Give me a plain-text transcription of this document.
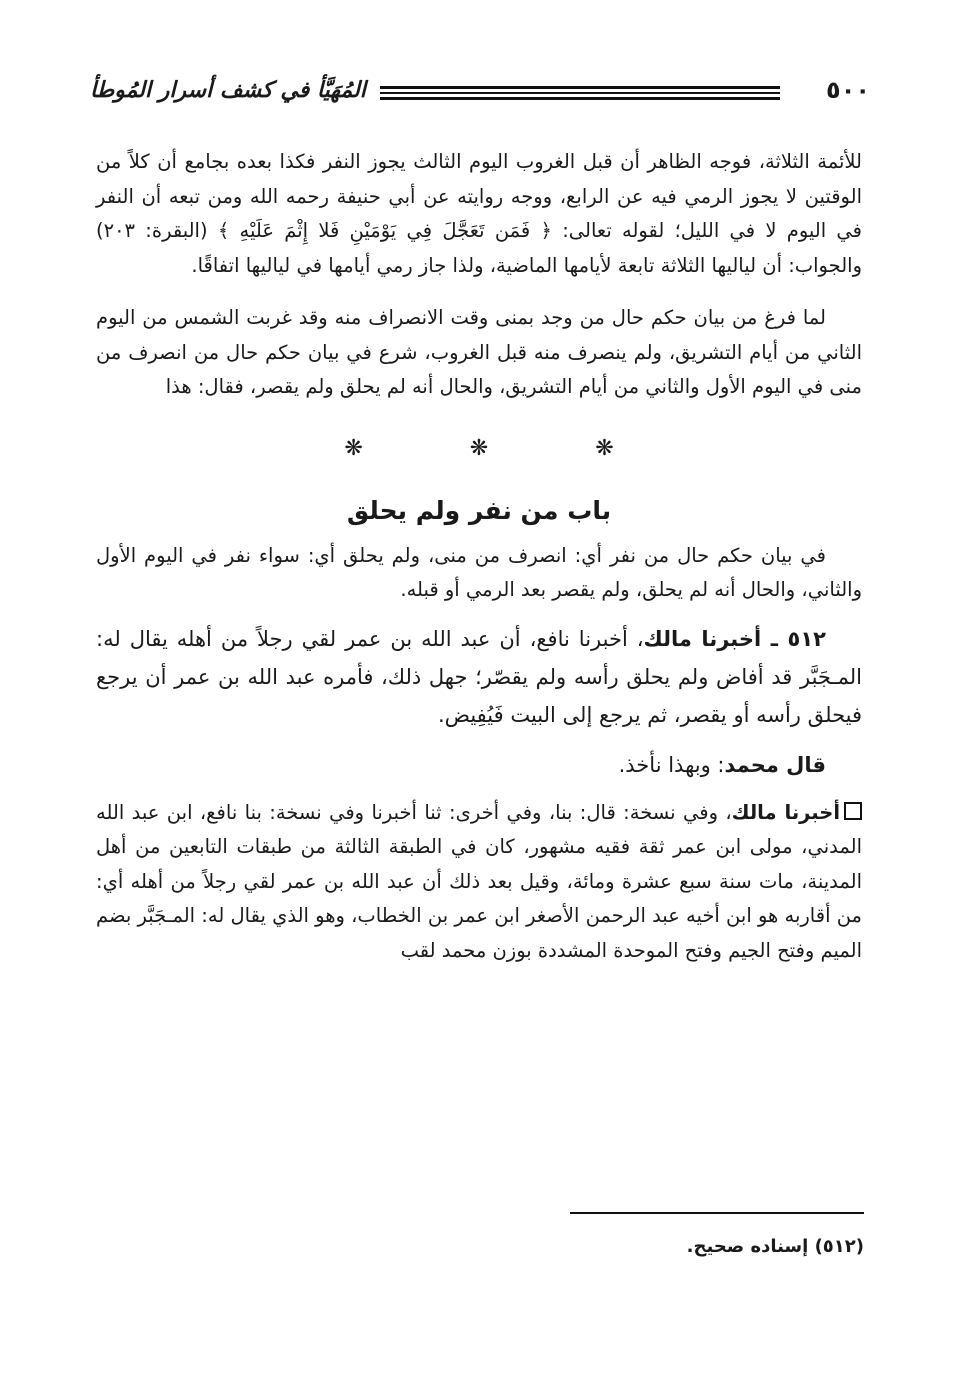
٥٠٠
المُهَيَّأ في كشف أسرار المُوطأ

للأئمة الثلاثة، فوجه الظاهر أن قبل الغروب اليوم الثالث يجوز النفر فكذا بعده بجامع أن كلاً من الوقتين لا يجوز الرمي فيه عن الرابع، ووجه روايته عن أبي حنيفة رحمه الله ومن تبعه أن النفر في اليوم لا في الليل؛ لقوله تعالى: ﴿ فَمَن تَعَجَّلَ فِي يَوْمَيْنِ فَلا إِثْمَ عَلَيْهِ ﴾ (البقرة: ٢٠٣) والجواب: أن لياليها الثلاثة تابعة لأيامها الماضية، ولذا جاز رمي أيامها في لياليها اتفاقًا.

لما فرغ من بيان حكم حال من وجد بمنى وقت الانصراف منه وقد غربت الشمس من اليوم الثاني من أيام التشريق، ولم ينصرف منه قبل الغروب، شرع في بيان حكم حال من انصرف من منى في اليوم الأول والثاني من أيام التشريق، والحال أنه لم يحلق ولم يقصر، فقال: هذا

❋ ❋ ❋
باب من نفر ولم يحلق

في بيان حكم حال من نفر أي: انصرف من منى، ولم يحلق أي: سواء نفر في اليوم الأول والثاني، والحال أنه لم يحلق، ولم يقصر بعد الرمي أو قبله.

٥١٢ ـ أخبرنا مالك، أخبرنا نافع، أن عبد الله بن عمر لقي رجلاً من أهله يقال له: المـجَبَّر قد أفاض ولم يحلق رأسه ولم يقصّر؛ جهل ذلك، فأمره عبد الله بن عمر أن يرجع فيحلق رأسه أو يقصر، ثم يرجع إلى البيت فَيُفِيض.

قال محمد: وبهذا نأخذ.

أخبرنا مالك، وفي نسخة: قال: بنا، وفي أخرى: ثنا أخبرنا وفي نسخة: بنا نافع، ابن عبد الله المدني، مولى ابن عمر ثقة فقيه مشهور، كان في الطبقة الثالثة من طبقات التابعين من أهل المدينة، مات سنة سبع عشرة ومائة، وقيل بعد ذلك أن عبد الله بن عمر لقي رجلاً من أهله أي: من أقاربه هو ابن أخيه عبد الرحمن الأصغر ابن عمر بن الخطاب، وهو الذي يقال له: المـجَبَّر بضم الميم وفتح الجيم وفتح الموحدة المشددة بوزن محمد لقب

(٥١٢) إسناده صحيح.
